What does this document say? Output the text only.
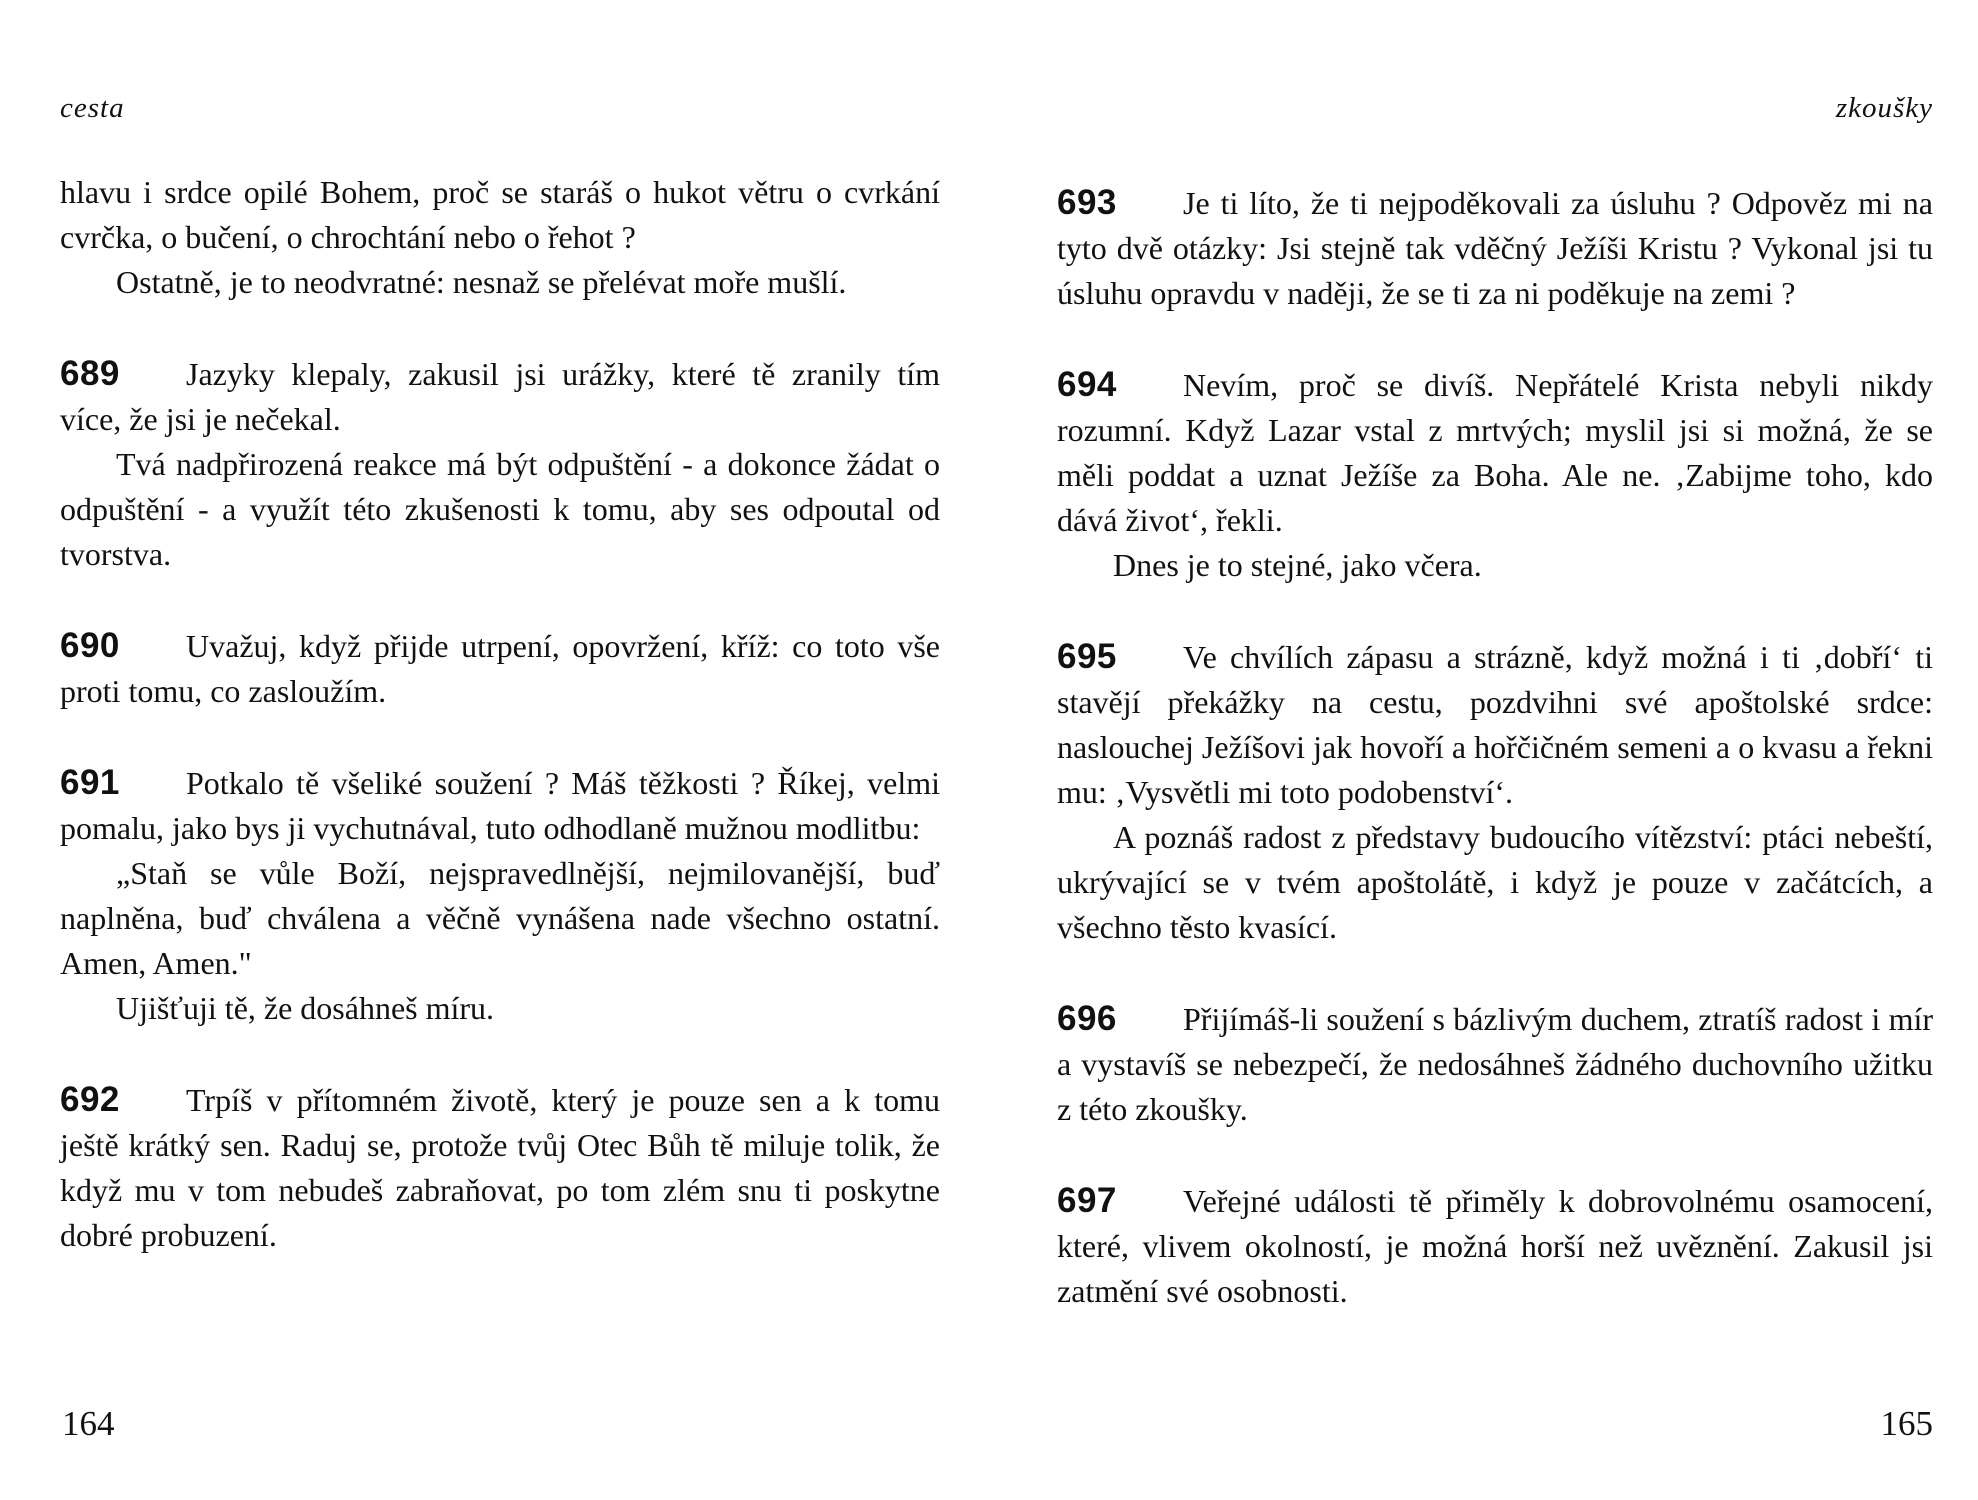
cesta

hlavu i srdce opilé Bohem, proč se staráš o hukot větru o cvrkání cvrčka, o bučení, o chrochtání nebo o řehot ?

Ostatně, je to neodvratné: nesnaž se přelévat moře mušlí.

689 Jazyky klepaly, zakusil jsi urážky, které tě zranily tím více, že jsi je nečekal.

Tvá nadpřirozená reakce má být odpuštění - a dokonce žádat o odpuštění - a využít této zkušenosti k tomu, aby ses odpoutal od tvorstva.

690 Uvažuj, když přijde utrpení, opovržení, kříž: co toto vše proti tomu, co zasloužím.

691 Potkalo tě všeliké soužení ? Máš těžkosti ? Říkej, velmi pomalu, jako bys ji vychutnával, tuto odhodlaně mužnou modlitbu:

„Staň se vůle Boží, nejspravedlnější, nejmilovanější, buď naplněna, buď chválena a věčně vynášena nade všechno ostatní. Amen, Amen."

Ujišťuji tě, že dosáhneš míru.

692 Trpíš v přítomném životě, který je pouze sen a k tomu ještě krátký sen. Raduj se, protože tvůj Otec Bůh tě miluje tolik, že když mu v tom nebudeš zabraňovat, po tom zlém snu ti poskytne dobré probuzení.

164
zkoušky

693 Je ti líto, že ti nejpoděkovali za úsluhu ? Odpověz mi na tyto dvě otázky: Jsi stejně tak vděčný Ježíši Kristu ? Vykonal jsi tu úsluhu opravdu v naději, že se ti za ni poděkuje na zemi ?

694 Nevím, proč se divíš. Nepřátelé Krista nebyli nikdy rozumní. Když Lazar vstal z mrtvých; myslil jsi si možná, že se měli poddat a uznat Ježíše za Boha. Ale ne. ‚Zabijme toho, kdo dává život‘, řekli.

Dnes je to stejné, jako včera.

695 Ve chvílích zápasu a strázně, když možná i ti ‚dobří‘ ti stavějí překážky na cestu, pozdvihni své apoštolské srdce: naslouchej Ježíšovi jak hovoří a hořčičném semeni a o kvasu a řekni mu: ‚Vysvětli mi toto podobenství‘.

A poznáš radost z představy budoucího vítězství: ptáci nebeští, ukrývající se v tvém apoštolátě, i když je pouze v začátcích, a všechno těsto kvasící.

696 Přijímáš-li soužení s bázlivým duchem, ztratíš radost i mír a vystavíš se nebezpečí, že nedosáhneš žádného duchovního užitku z této zkoušky.

697 Veřejné události tě přiměly k dobrovolnému osamocení, které, vlivem okolností, je možná horší než uvěznění. Zakusil jsi zatmění své osobnosti.

165
